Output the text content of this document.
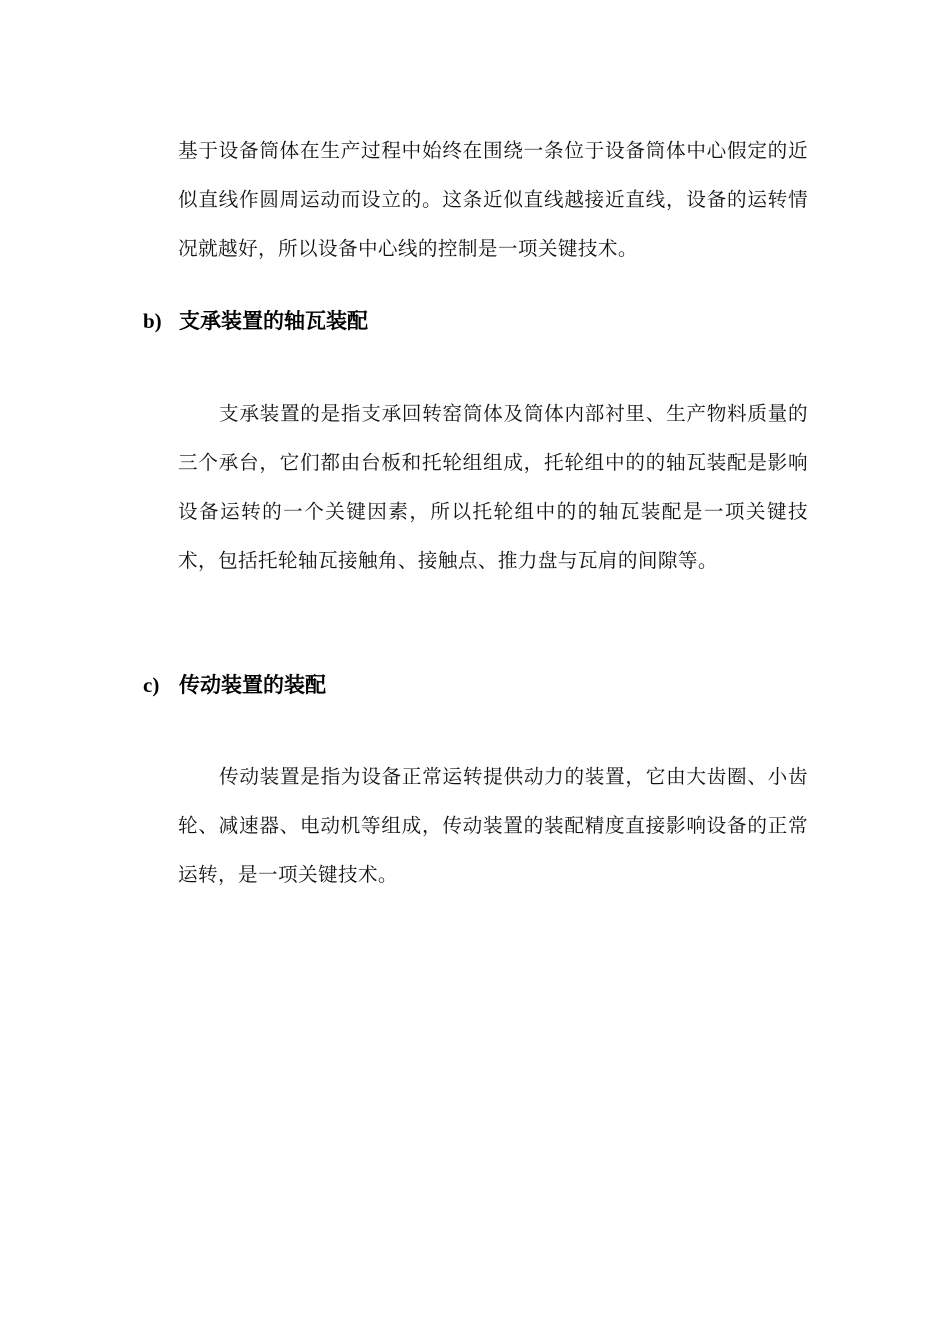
基于设备筒体在生产过程中始终在围绕一条位于设备筒体中心假定的近似直线作圆周运动而设立的。这条近似直线越接近直线，设备的运转情况就越好，所以设备中心线的控制是一项关键技术。

b) 支承装置的轴瓦装配

支承装置的是指支承回转窑筒体及筒体内部衬里、生产物料质量的三个承台，它们都由台板和托轮组组成，托轮组中的的轴瓦装配是影响设备运转的一个关键因素，所以托轮组中的的轴瓦装配是一项关键技术，包括托轮轴瓦接触角、接触点、推力盘与瓦肩的间隙等。

c) 传动装置的装配

传动装置是指为设备正常运转提供动力的装置，它由大齿圈、小齿轮、减速器、电动机等组成，传动装置的装配精度直接影响设备的正常运转，是一项关键技术。
